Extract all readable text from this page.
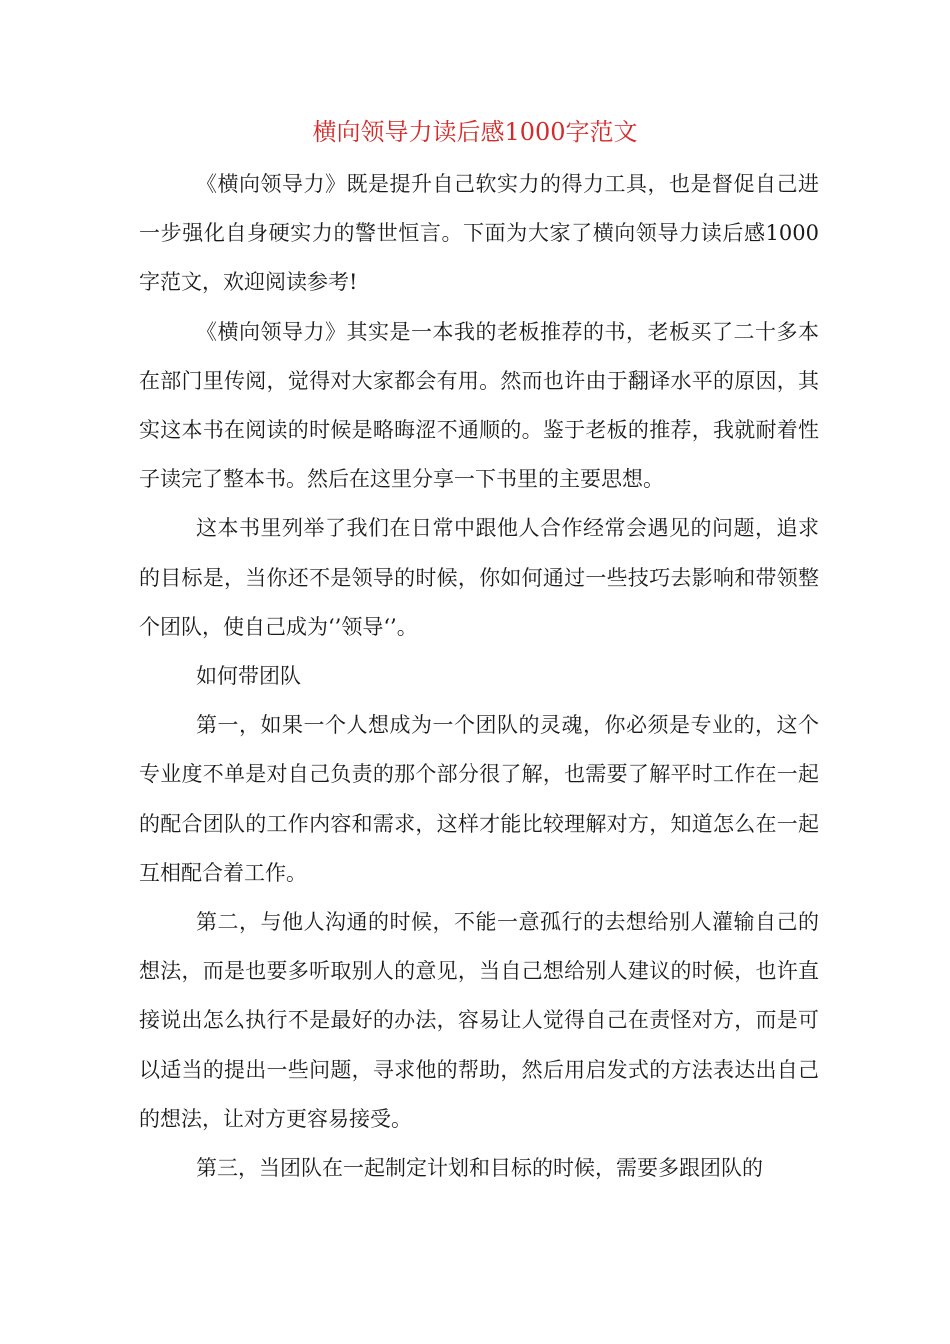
横向领导力读后感1000字范文

《横向领导力》既是提升自己软实力的得力工具，也是督促自己进一步强化自身硬实力的警世恒言。下面为大家了横向领导力读后感1000字范文，欢迎阅读参考!

《横向领导力》其实是一本我的老板推荐的书，老板买了二十多本在部门里传阅，觉得对大家都会有用。然而也许由于翻译水平的原因，其实这本书在阅读的时候是略晦涩不通顺的。鉴于老板的推荐，我就耐着性子读完了整本书。然后在这里分享一下书里的主要思想。

这本书里列举了我们在日常中跟他人合作经常会遇见的问题，追求的目标是，当你还不是领导的时候，你如何通过一些技巧去影响和带领整个团队，使自己成为‘’领导‘’。

如何带团队

第一，如果一个人想成为一个团队的灵魂，你必须是专业的，这个专业度不单是对自己负责的那个部分很了解，也需要了解平时工作在一起的配合团队的工作内容和需求，这样才能比较理解对方，知道怎么在一起互相配合着工作。

第二，与他人沟通的时候，不能一意孤行的去想给别人灌输自己的想法，而是也要多听取别人的意见，当自己想给别人建议的时候，也许直接说出怎么执行不是最好的办法，容易让人觉得自己在责怪对方，而是可以适当的提出一些问题，寻求他的帮助，然后用启发式的方法表达出自己的想法，让对方更容易接受。

第三，当团队在一起制定计划和目标的时候，需要多跟团队的
